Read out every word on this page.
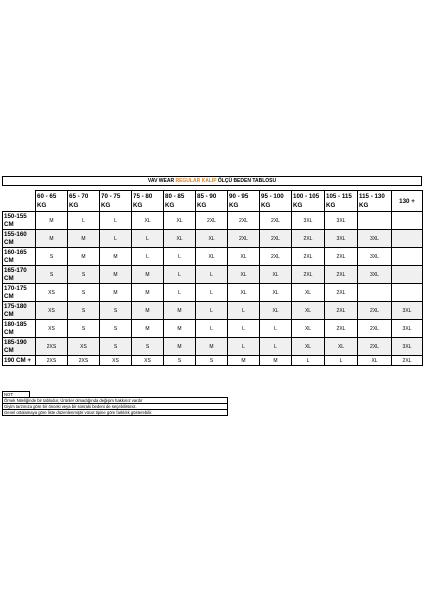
VAV WEAR REGULAR KALIP ÖLÇÜ BEDEN TABLOSU
	60 - 65 KG	65 - 70 KG	70 - 75 KG	75 - 80 KG	80 - 85 KG	85 - 90 KG	90 - 95 KG	95 - 100 KG	100 - 105 KG	105 - 115 KG	115 - 130 KG	130 +
150-155 CM	M	L	L	XL	XL	2XL	2XL	2XL	3XL	3XL		
155-160 CM	M	M	L	L	XL	XL	2XL	2XL	2XL	3XL	3XL	
160-165 CM	S	M	M	L	L	XL	XL	2XL	2XL	2XL	3XL	
165-170 CM	S	S	M	M	L	L	XL	XL	2XL	2XL	3XL	
170-175 CM	XS	S	M	M	L	L	XL	XL	XL	2XL		
175-180 CM	XS	S	S	M	M	L	L	XL	XL	2XL	2XL	3XL
180-185 CM	XS	S	S	M	M	L	L	L	XL	2XL	2XL	3XL
185-190 CM	2XS	XS	S	S	M	M	L	L	XL	XL	2XL	3XL
190 CM +	2XS	2XS	XS	XS	S	S	M	M	L	L	XL	2XL
NOT:
Örnek Niteliğinde bir tablodur, Ürünler olmadığında değişim hakkınız vardır
Giyim tarzınıza göre bir önceki veya bir sonraki bedeni de seçebilirsiniz.
Genel ortalamaya göre liste düzenlenmiştir vücut tipine göre farklılık gösterebilir.
